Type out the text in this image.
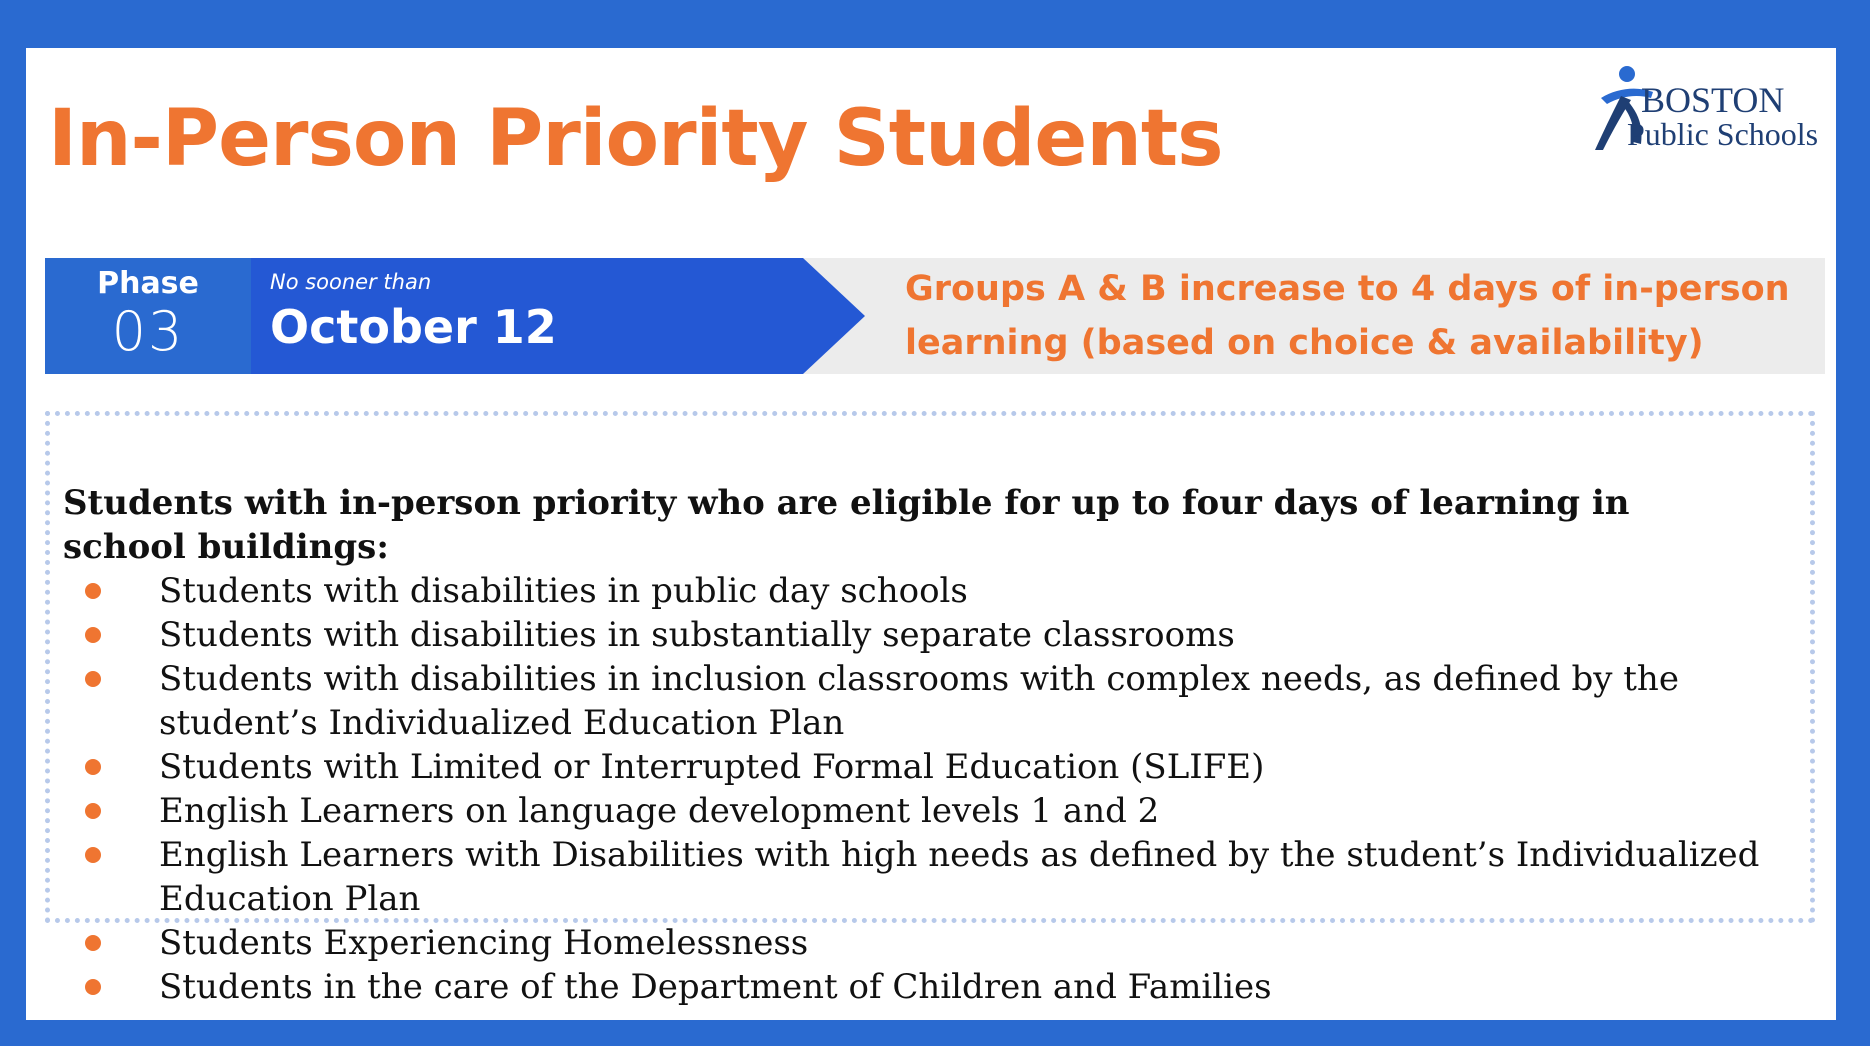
In-Person Priority Students	BOSTON
Public Schools
Phase
03
No sooner than
October 12
Groups A & B increase to 4 days of in-person learning (based on choice & availability)

Students with in-person priority who are eligible for up to four days of learning in school buildings:

Students with disabilities in public day schools
Students with disabilities in substantially separate classrooms
Students with disabilities in inclusion classrooms with complex needs, as defined by the student’s Individualized Education Plan
Students with Limited or Interrupted Formal Education (SLIFE)
English Learners on language development levels 1 and 2
English Learners with Disabilities with high needs as defined by the student’s Individualized Education Plan
Students Experiencing Homelessness
Students in the care of the Department of Children and Families
